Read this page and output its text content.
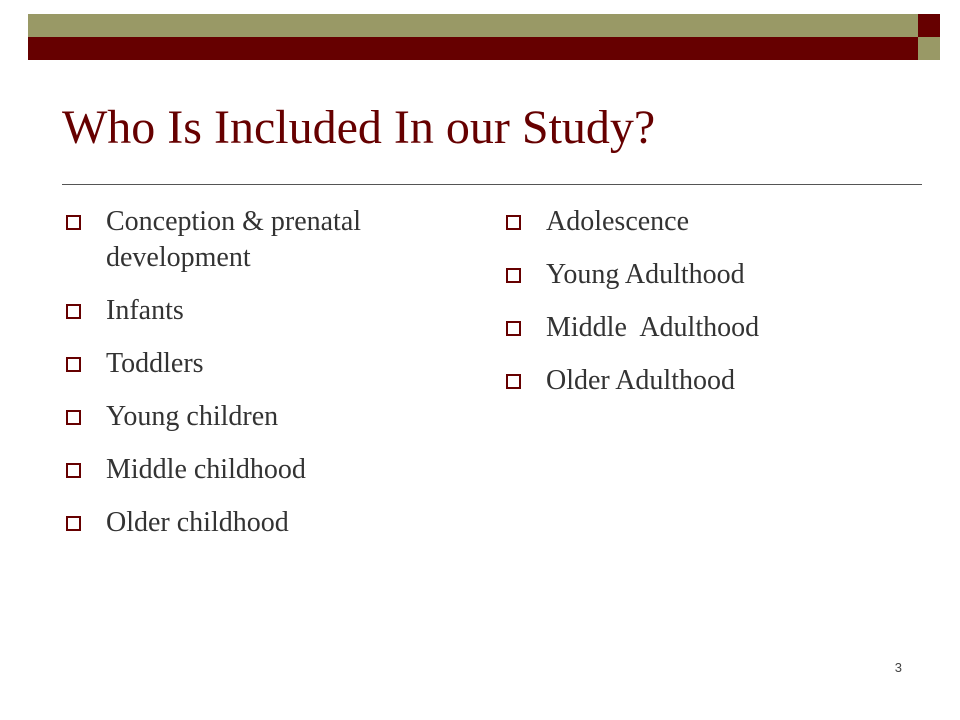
Who Is Included In our Study?
Conception & prenatal development
Infants
Toddlers
Young children
Middle childhood
Older childhood
Adolescence
Young Adulthood
Middle  Adulthood
Older Adulthood
3
